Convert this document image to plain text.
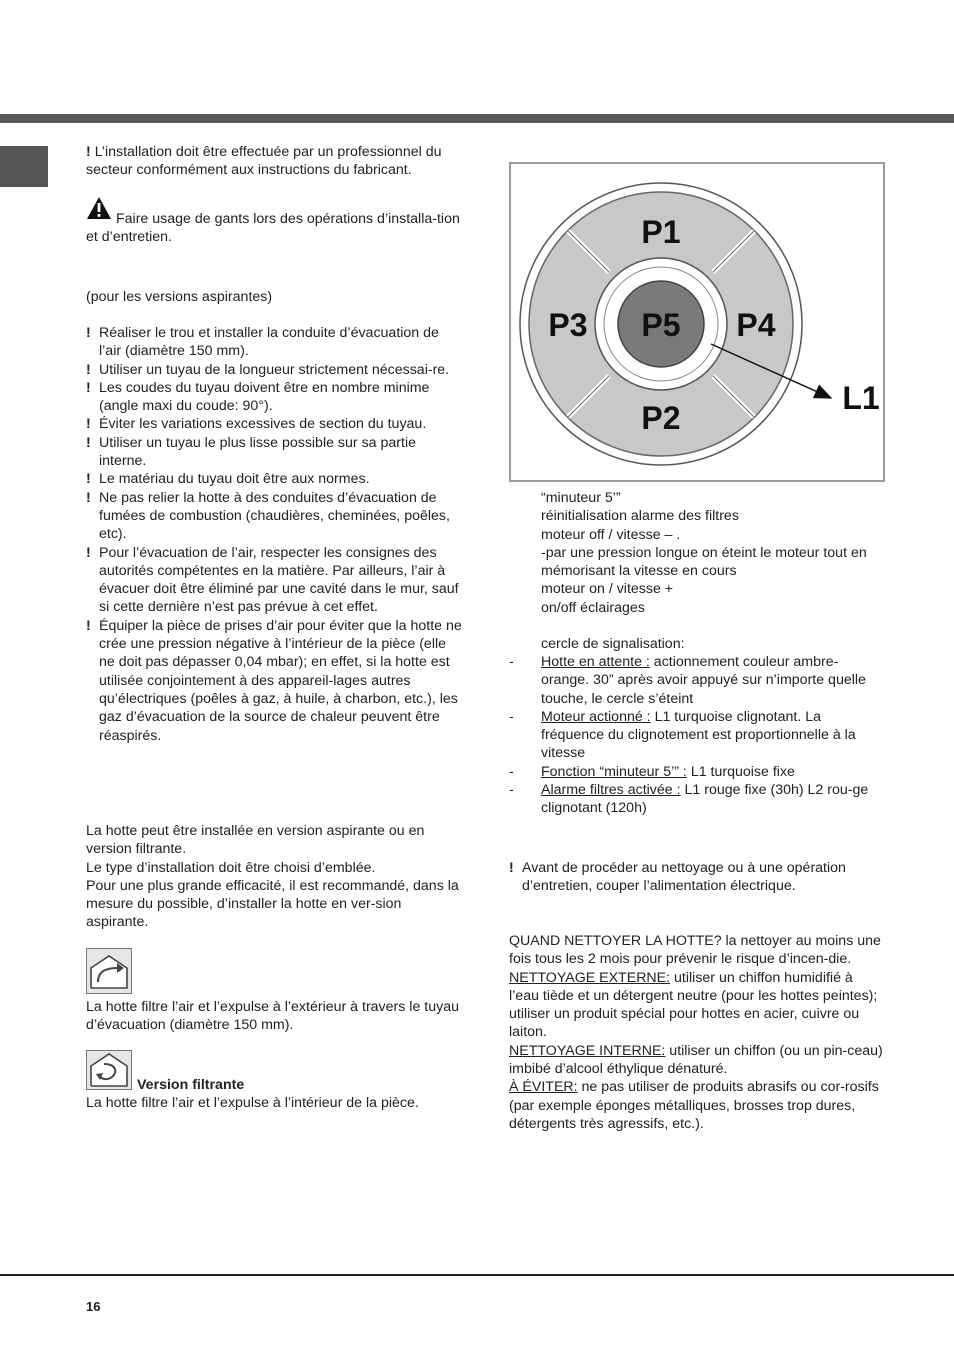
! L’installation doit être effectuée par un professionnel du secteur conformément aux instructions du fabricant.

Faire usage de gants lors des opérations d’installa-tion et d’entretien.

(pour les versions aspirantes)

! Réaliser le trou et installer la conduite d’évacuation de l’air (diamètre 150 mm).
! Utiliser un tuyau de la longueur strictement nécessai-re.
! Les coudes du tuyau doivent être en nombre minime (angle maxi du coude: 90°).
! Éviter les variations excessives de section du tuyau.
! Utiliser un tuyau le plus lisse possible sur sa partie interne.
! Le matériau du tuyau doit être aux normes.
! Ne pas relier la hotte à des conduites d’évacuation de fumées de combustion (chaudières, cheminées, poêles, etc).
! Pour l’évacuation de l’air, respecter les consignes des autorités compétentes en la matière. Par ailleurs, l’air à évacuer doit être éliminé par une cavité dans le mur, sauf si cette dernière n’est pas prévue à cet effet.
! Équiper la pièce de prises d’air pour éviter que la hotte ne crée une pression négative à l’intérieur de la pièce (elle ne doit pas dépasser 0,04 mbar); en effet, si la hotte est utilisée conjointement à des appareil-lages autres qu’électriques (poêles à gaz, à huile, à charbon, etc.), les gaz d’évacuation de la source de chaleur peuvent être réaspirés.
La hotte peut être installée en version aspirante ou en version filtrante.
Le type d’installation doit être choisi d’emblée.
Pour une plus grande efficacité, il est recommandé, dans la mesure du possible, d’installer la hotte en ver-sion aspirante.

La hotte filtre l’air et l’expulse à l’extérieur à travers le tuyau d’évacuation (diamètre 150 mm).

Version filtrante

La hotte filtre l’air et l’expulse à l’intérieur de la pièce.

P1
P2
P3	P4
P5
L1
“minuteur 5’”
réinitialisation alarme des filtres
moteur off / vitesse – .
-par une pression longue on éteint le moteur tout en mémorisant la vitesse en cours
moteur on / vitesse +
on/off éclairages

cercle de signalisation:

- Hotte en attente : actionnement couleur ambre-orange. 30” après avoir appuyé sur n’importe quelle touche, le cercle s’éteint
- Moteur actionné : L1 turquoise clignotant. La fréquence du clignotement est proportionnelle à la vitesse
- Fonction “minuteur 5’” : L1 turquoise fixe
- Alarme filtres activée : L1 rouge fixe (30h) L2 rou-ge clignotant (120h)
! Avant de procéder au nettoyage ou à une opération d’entretien, couper l’alimentation électrique.
QUAND NETTOYER LA HOTTE? la nettoyer au moins une fois tous les 2 mois pour prévenir le risque d’incen-die.
NETTOYAGE EXTERNE: utiliser un chiffon humidifié à l’eau tiède et un détergent neutre (pour les hottes peintes); utiliser un produit spécial pour hottes en acier, cuivre ou laiton.
NETTOYAGE INTERNE: utiliser un chiffon (ou un pin-ceau) imbibé d’alcool éthylique dénaturé.
À ÉVITER: ne pas utiliser de produits abrasifs ou cor-rosifs (par exemple éponges métalliques, brosses trop dures, détergents très agressifs, etc.).
16
